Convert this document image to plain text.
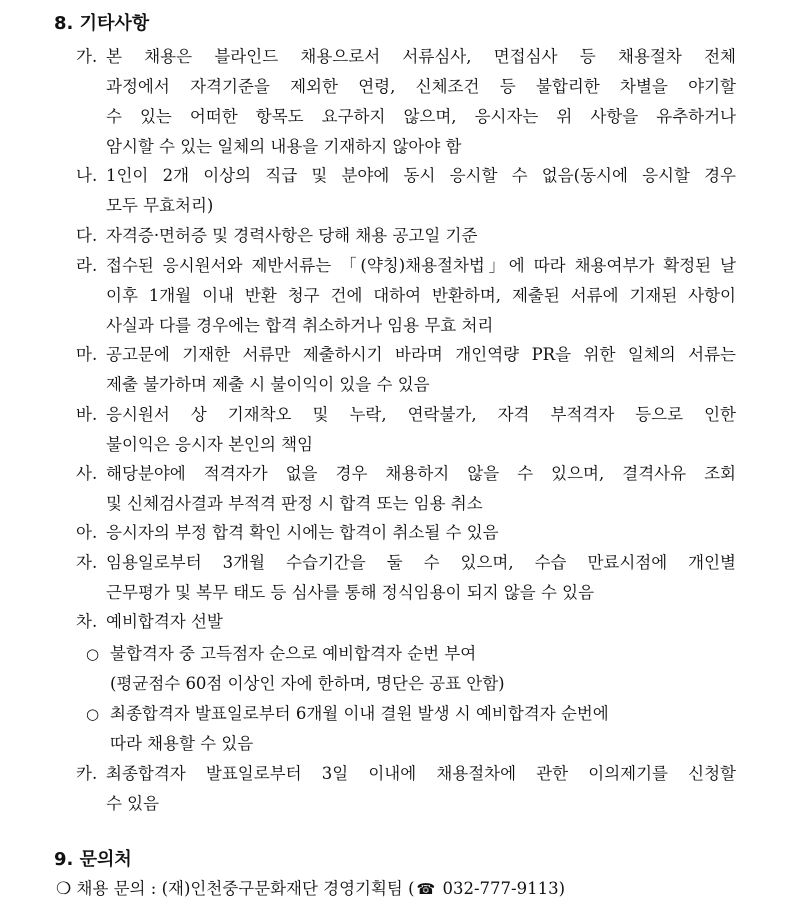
8. 기타사항
가. 본 채용은 블라인드 채용으로서 서류심사, 면접심사 등 채용절차 전체
과정에서 자격기준을 제외한 연령, 신체조건 등 불합리한 차별을 야기할
수 있는 어떠한 항목도 요구하지 않으며, 응시자는 위 사항을 유추하거나
암시할 수 있는 일체의 내용을 기재하지 않아야 함
나. 1인이 2개 이상의 직급 및 분야에 동시 응시할 수 없음(동시에 응시할 경우
모두 무효처리)
다. 자격증·면허증 및 경력사항은 당해 채용 공고일 기준
라. 접수된 응시원서와 제반서류는 「(약칭)채용절차법」에 따라 채용여부가 확정된 날
이후 1개월 이내 반환 청구 건에 대하여 반환하며, 제출된 서류에 기재된 사항이
사실과 다를 경우에는 합격 취소하거나 임용 무효 처리
마. 공고문에 기재한 서류만 제출하시기 바라며 개인역량 PR을 위한 일체의 서류는
제출 불가하며 제출 시 불이익이 있을 수 있음
바. 응시원서 상 기재착오 및 누락, 연락불가, 자격 부적격자 등으로 인한
불이익은 응시자 본인의 책임
사. 해당분야에 적격자가 없을 경우 채용하지 않을 수 있으며, 결격사유 조회
및 신체검사결과 부적격 판정 시 합격 또는 임용 취소
아. 응시자의 부정 합격 확인 시에는 합격이 취소될 수 있음
자. 임용일로부터 3개월 수습기간을 둘 수 있으며, 수습 만료시점에 개인별
근무평가 및 복무 태도 등 심사를 통해 정식임용이 되지 않을 수 있음
차. 예비합격자 선발
○ 불합격자 중 고득점자 순으로 예비합격자 순번 부여
(평균점수 60점 이상인 자에 한하며, 명단은 공표 안함)
○ 최종합격자 발표일로부터 6개월 이내 결원 발생 시 예비합격자 순번에
따라 채용할 수 있음
카. 최종합격자 발표일로부터 3일 이내에 채용절차에 관한 이의제기를 신청할
수 있음
9. 문의처
❍ 채용 문의 : (재)인천중구문화재단 경영기획팀 ( ☎ 032-777-9113)
